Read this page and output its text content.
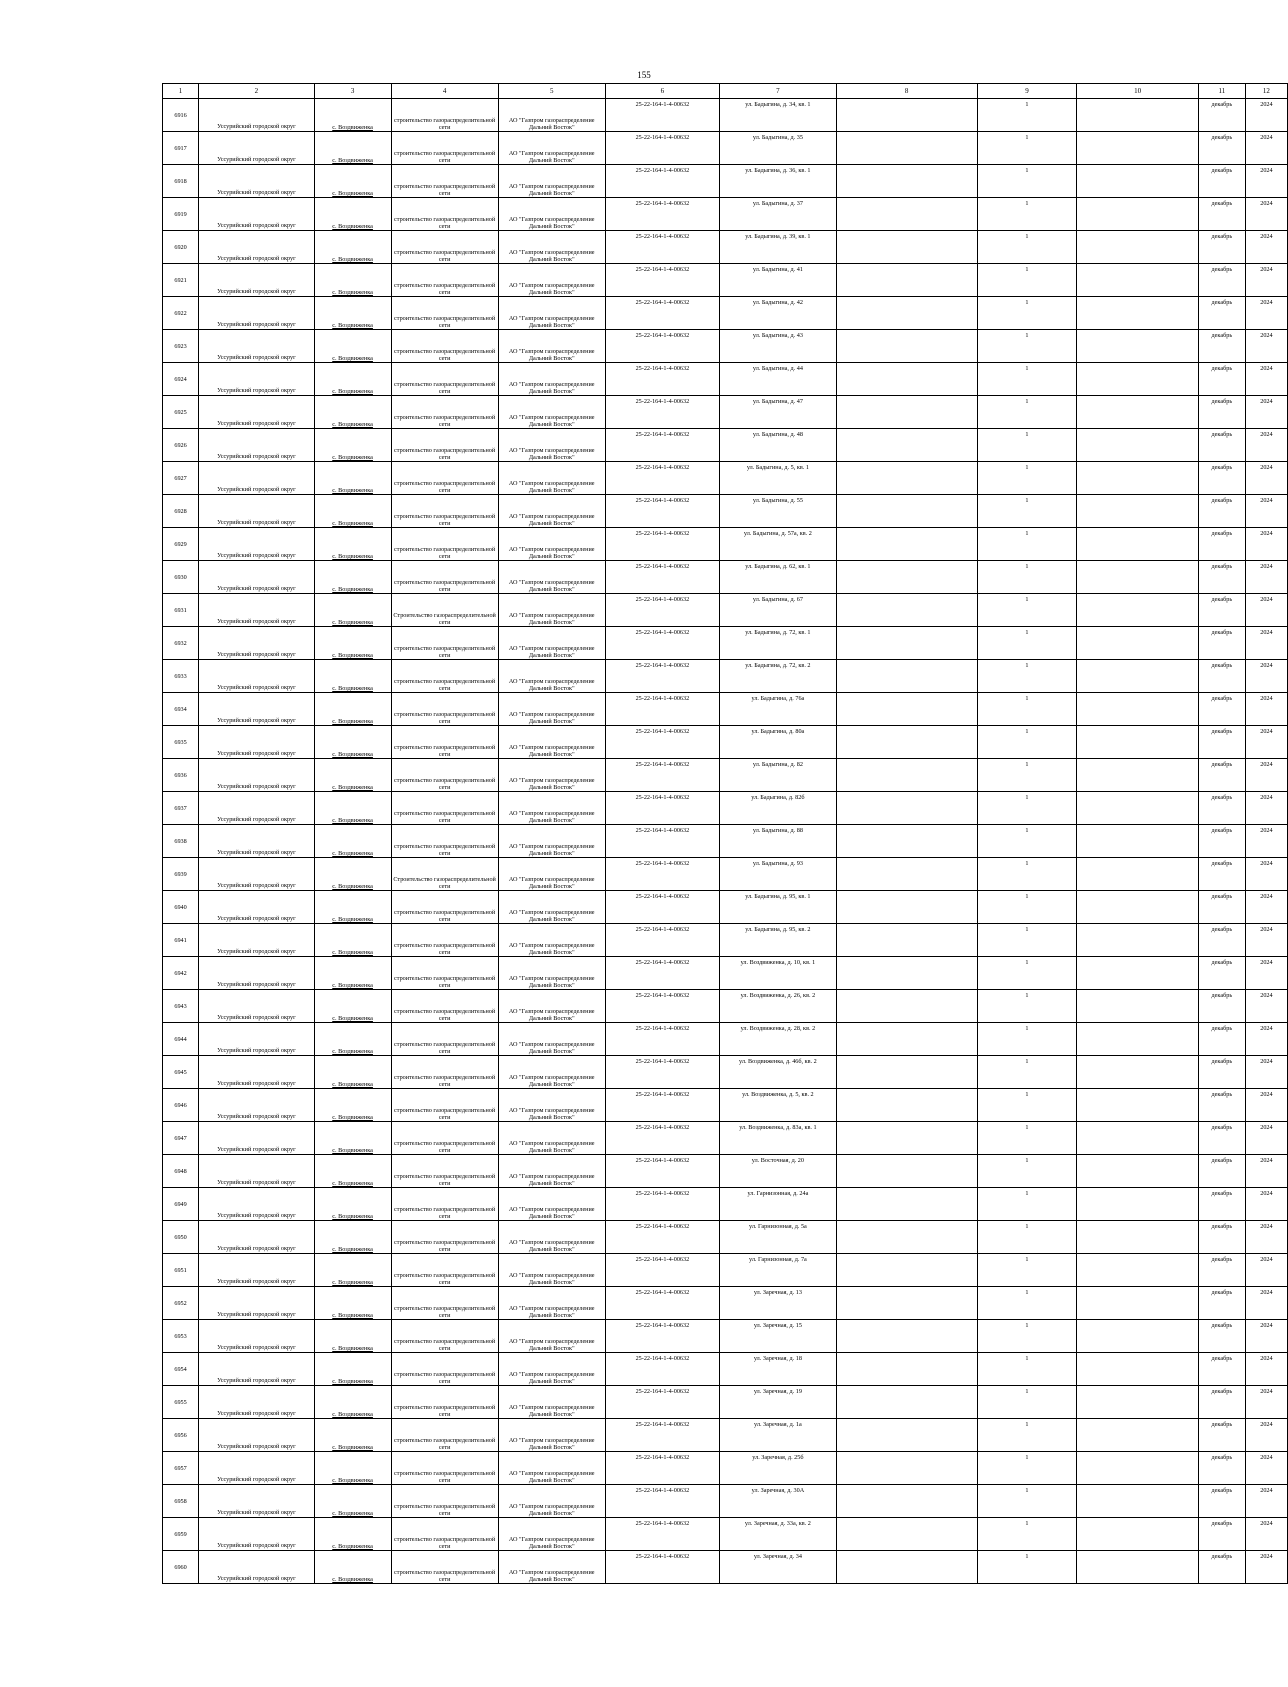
155
1	2	3	4	5	6	7	8	9	10	11	12
6916	Уссурийский городской округ	с. Воздвиженка	строительство газораспределительной сети	АО "Газпром газораспределение Дальний Восток"	25-22-164-1-4-00632	ул. Бадыгина, д. 34, кв. 1		1		декабрь	2024
6917	Уссурийский городской округ	с. Воздвиженка	строительство газораспределительной сети	АО "Газпром газораспределение Дальний Восток"	25-22-164-1-4-00632	ул. Бадыгина, д. 35		1		декабрь	2024
6918	Уссурийский городской округ	с. Воздвиженка	строительство газораспределительной сети	АО "Газпром газораспределение Дальний Восток"	25-22-164-1-4-00632	ул. Бадыгина, д. 36, кв. 1		1		декабрь	2024
6919	Уссурийский городской округ	с. Воздвиженка	строительство газораспределительной сети	АО "Газпром газораспределение Дальний Восток"	25-22-164-1-4-00632	ул. Бадыгина, д. 37		1		декабрь	2024
6920	Уссурийский городской округ	с. Воздвиженка	строительство газораспределительной сети	АО "Газпром газораспределение Дальний Восток"	25-22-164-1-4-00632	ул. Бадыгина, д. 39, кв. 1		1		декабрь	2024
6921	Уссурийский городской округ	с. Воздвиженка	строительство газораспределительной сети	АО "Газпром газораспределение Дальний Восток"	25-22-164-1-4-00632	ул. Бадыгина, д. 41		1		декабрь	2024
6922	Уссурийский городской округ	с. Воздвиженка	строительство газораспределительной сети	АО "Газпром газораспределение Дальний Восток"	25-22-164-1-4-00632	ул. Бадыгина, д. 42		1		декабрь	2024
6923	Уссурийский городской округ	с. Воздвиженка	строительство газораспределительной сети	АО "Газпром газораспределение Дальний Восток"	25-22-164-1-4-00632	ул. Бадыгина, д. 43		1		декабрь	2024
6924	Уссурийский городской округ	с. Воздвиженка	строительство газораспределительной сети	АО "Газпром газораспределение Дальний Восток"	25-22-164-1-4-00632	ул. Бадыгина, д. 44		1		декабрь	2024
6925	Уссурийский городской округ	с. Воздвиженка	строительство газораспределительной сети	АО "Газпром газораспределение Дальний Восток"	25-22-164-1-4-00632	ул. Бадыгина, д. 47		1		декабрь	2024
6926	Уссурийский городской округ	с. Воздвиженка	строительство газораспределительной сети	АО "Газпром газораспределение Дальний Восток"	25-22-164-1-4-00632	ул. Бадыгина, д. 48		1		декабрь	2024
6927	Уссурийский городской округ	с. Воздвиженка	строительство газораспределительной сети	АО "Газпром газораспределение Дальний Восток"	25-22-164-1-4-00632	ул. Бадыгина, д. 5, кв. 1		1		декабрь	2024
6928	Уссурийский городской округ	с. Воздвиженка	строительство газораспределительной сети	АО "Газпром газораспределение Дальний Восток"	25-22-164-1-4-00632	ул. Бадыгина, д. 55		1		декабрь	2024
6929	Уссурийский городской округ	с. Воздвиженка	строительство газораспределительной сети	АО "Газпром газораспределение Дальний Восток"	25-22-164-1-4-00632	ул. Бадыгина, д. 57а, кв. 2		1		декабрь	2024
6930	Уссурийский городской округ	с. Воздвиженка	строительство газораспределительной сети	АО "Газпром газораспределение Дальний Восток"	25-22-164-1-4-00632	ул. Бадыгина, д. 62, кв. 1		1		декабрь	2024
6931	Уссурийский городской округ	с. Воздвиженка	Строительство газораспределительной сети	АО "Газпром газораспределение Дальний Восток"	25-22-164-1-4-00632	ул. Бадыгина, д. 67		1		декабрь	2024
6932	Уссурийский городской округ	с. Воздвиженка	строительство газораспределительной сети	АО "Газпром газораспределение Дальний Восток"	25-22-164-1-4-00632	ул. Бадыгина, д. 72, кв. 1		1		декабрь	2024
6933	Уссурийский городской округ	с. Воздвиженка	строительство газораспределительной сети	АО "Газпром газораспределение Дальний Восток"	25-22-164-1-4-00632	ул. Бадыгина, д. 72, кв. 2		1		декабрь	2024
6934	Уссурийский городской округ	с. Воздвиженка	строительство газораспределительной сети	АО "Газпром газораспределение Дальний Восток"	25-22-164-1-4-00632	ул. Бадыгина, д. 76а		1		декабрь	2024
6935	Уссурийский городской округ	с. Воздвиженка	строительство газораспределительной сети	АО "Газпром газораспределение Дальний Восток"	25-22-164-1-4-00632	ул. Бадыгина, д. 80а		1		декабрь	2024
6936	Уссурийский городской округ	с. Воздвиженка	строительство газораспределительной сети	АО "Газпром газораспределение Дальний Восток"	25-22-164-1-4-00632	ул. Бадыгина, д. 82		1		декабрь	2024
6937	Уссурийский городской округ	с. Воздвиженка	строительство газораспределительной сети	АО "Газпром газораспределение Дальний Восток"	25-22-164-1-4-00632	ул. Бадыгина, д. 82б		1		декабрь	2024
6938	Уссурийский городской округ	с. Воздвиженка	строительство газораспределительной сети	АО "Газпром газораспределение Дальний Восток"	25-22-164-1-4-00632	ул. Бадыгина, д. 88		1		декабрь	2024
6939	Уссурийский городской округ	с. Воздвиженка	Строительство газораспределительной сети	АО "Газпром газораспределение Дальний Восток"	25-22-164-1-4-00632	ул. Бадыгина, д. 93		1		декабрь	2024
6940	Уссурийский городской округ	с. Воздвиженка	строительство газораспределительной сети	АО "Газпром газораспределение Дальний Восток"	25-22-164-1-4-00632	ул. Бадыгина, д. 95, кв. 1		1		декабрь	2024
6941	Уссурийский городской округ	с. Воздвиженка	строительство газораспределительной сети	АО "Газпром газораспределение Дальний Восток"	25-22-164-1-4-00632	ул. Бадыгина, д. 95, кв. 2		1		декабрь	2024
6942	Уссурийский городской округ	с. Воздвиженка	строительство газораспределительной сети	АО "Газпром газораспределение Дальний Восток"	25-22-164-1-4-00632	ул. Воздвиженка, д. 10, кв. 1		1		декабрь	2024
6943	Уссурийский городской округ	с. Воздвиженка	строительство газораспределительной сети	АО "Газпром газораспределение Дальний Восток"	25-22-164-1-4-00632	ул. Воздвиженка, д. 26, кв. 2		1		декабрь	2024
6944	Уссурийский городской округ	с. Воздвиженка	строительство газораспределительной сети	АО "Газпром газораспределение Дальний Восток"	25-22-164-1-4-00632	ул. Воздвиженка, д. 28, кв. 2		1		декабрь	2024
6945	Уссурийский городской округ	с. Воздвиженка	строительство газораспределительной сети	АО "Газпром газораспределение Дальний Восток"	25-22-164-1-4-00632	ул. Воздвиженка, д. 46б, кв. 2		1		декабрь	2024
6946	Уссурийский городской округ	с. Воздвиженка	строительство газораспределительной сети	АО "Газпром газораспределение Дальний Восток"	25-22-164-1-4-00632	ул. Воздвиженка, д. 5, кв. 2		1		декабрь	2024
6947	Уссурийский городской округ	с. Воздвиженка	строительство газораспределительной сети	АО "Газпром газораспределение Дальний Восток"	25-22-164-1-4-00632	ул. Воздвиженка, д. 83а, кв. 1		1		декабрь	2024
6948	Уссурийский городской округ	с. Воздвиженка	строительство газораспределительной сети	АО "Газпром газораспределение Дальний Восток"	25-22-164-1-4-00632	ул. Восточная, д. 20		1		декабрь	2024
6949	Уссурийский городской округ	с. Воздвиженка	строительство газораспределительной сети	АО "Газпром газораспределение Дальний Восток"	25-22-164-1-4-00632	ул. Гарнизонная, д. 24а		1		декабрь	2024
6950	Уссурийский городской округ	с. Воздвиженка	строительство газораспределительной сети	АО "Газпром газораспределение Дальний Восток"	25-22-164-1-4-00632	ул. Гарнизонная, д. 5а		1		декабрь	2024
6951	Уссурийский городской округ	с. Воздвиженка	строительство газораспределительной сети	АО "Газпром газораспределение Дальний Восток"	25-22-164-1-4-00632	ул. Гарнизонная, д. 7а		1		декабрь	2024
6952	Уссурийский городской округ	с. Воздвиженка	строительство газораспределительной сети	АО "Газпром газораспределение Дальний Восток"	25-22-164-1-4-00632	ул. Заречная, д. 13		1		декабрь	2024
6953	Уссурийский городской округ	с. Воздвиженка	строительство газораспределительной сети	АО "Газпром газораспределение Дальний Восток"	25-22-164-1-4-00632	ул. Заречная, д. 15		1		декабрь	2024
6954	Уссурийский городской округ	с. Воздвиженка	строительство газораспределительной сети	АО "Газпром газораспределение Дальний Восток"	25-22-164-1-4-00632	ул. Заречная, д. 18		1		декабрь	2024
6955	Уссурийский городской округ	с. Воздвиженка	строительство газораспределительной сети	АО "Газпром газораспределение Дальний Восток"	25-22-164-1-4-00632	ул. Заречная, д. 19		1		декабрь	2024
6956	Уссурийский городской округ	с. Воздвиженка	строительство газораспределительной сети	АО "Газпром газораспределение Дальний Восток"	25-22-164-1-4-00632	ул. Заречная, д. 1а		1		декабрь	2024
6957	Уссурийский городской округ	с. Воздвиженка	строительство газораспределительной сети	АО "Газпром газораспределение Дальний Восток"	25-22-164-1-4-00632	ул. Заречная, д. 25б		1		декабрь	2024
6958	Уссурийский городской округ	с. Воздвиженка	строительство газораспределительной сети	АО "Газпром газораспределение Дальний Восток"	25-22-164-1-4-00632	ул. Заречная, д. 30А		1		декабрь	2024
6959	Уссурийский городской округ	с. Воздвиженка	строительство газораспределительной сети	АО "Газпром газораспределение Дальний Восток"	25-22-164-1-4-00632	ул. Заречная, д. 33а, кв. 2		1		декабрь	2024
6960	Уссурийский городской округ	с. Воздвиженка	строительство газораспределительной сети	АО "Газпром газораспределение Дальний Восток"	25-22-164-1-4-00632	ул. Заречная, д. 34		1		декабрь	2024
